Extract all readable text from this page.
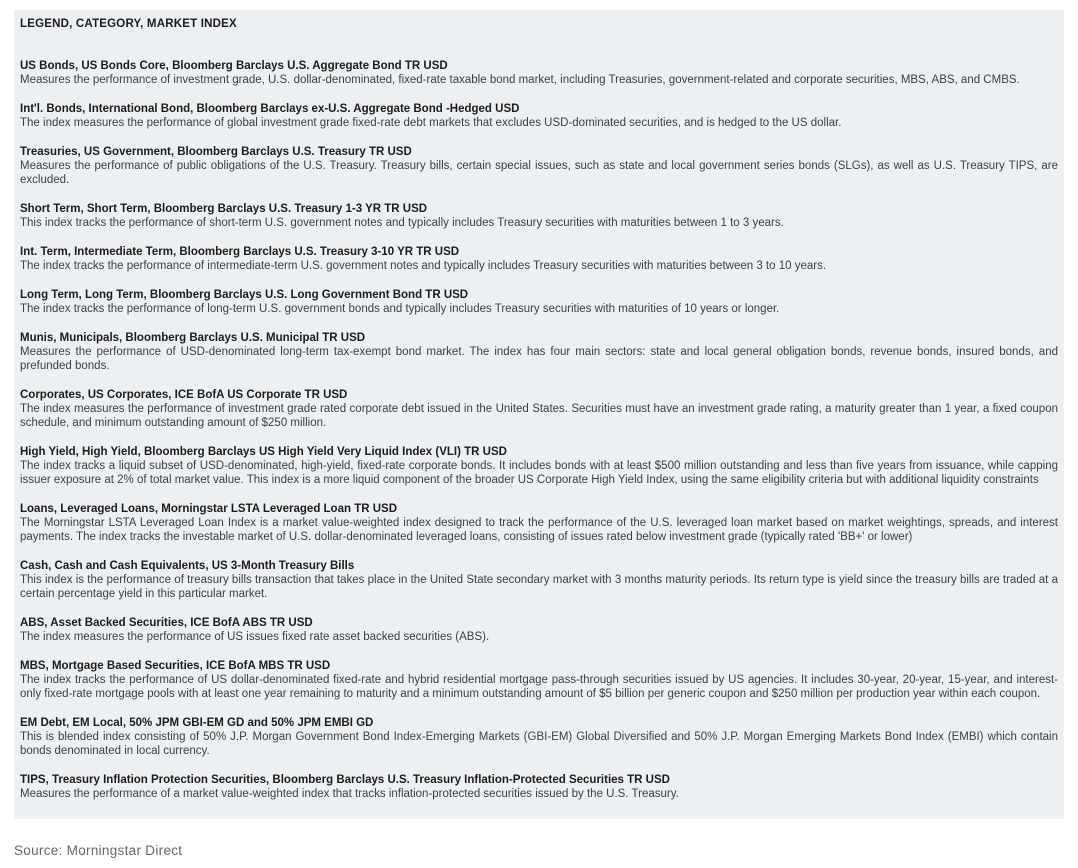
LEGEND, CATEGORY, MARKET INDEX
US Bonds, US Bonds Core, Bloomberg Barclays U.S. Aggregate Bond TR USD
Measures the performance of investment grade, U.S. dollar-denominated, fixed-rate taxable bond market, including Treasuries, government-related and corporate securities, MBS, ABS, and CMBS.
Int'l. Bonds, International Bond, Bloomberg Barclays ex-U.S. Aggregate Bond -Hedged USD
The index measures the performance of global investment grade fixed-rate debt markets that excludes USD-dominated securities, and is hedged to the US dollar.
Treasuries, US Government, Bloomberg Barclays U.S. Treasury TR USD
Measures the performance of public obligations of the U.S. Treasury. Treasury bills, certain special issues, such as state and local government series bonds (SLGs), as well as U.S. Treasury TIPS, are excluded.
Short Term, Short Term, Bloomberg Barclays U.S. Treasury 1-3 YR TR USD
This index tracks the performance of short-term U.S. government notes and typically includes Treasury securities with maturities between 1 to 3 years.
Int. Term, Intermediate Term, Bloomberg Barclays U.S. Treasury 3-10 YR TR USD
The index tracks the performance of intermediate-term U.S. government notes and typically includes Treasury securities with maturities between 3 to 10 years.
Long Term, Long Term, Bloomberg Barclays U.S. Long Government Bond TR USD
The index tracks the performance of long-term U.S. government bonds and typically includes Treasury securities with maturities of 10 years or longer.
Munis, Municipals, Bloomberg Barclays U.S. Municipal TR USD
Measures the performance of USD-denominated long-term tax-exempt bond market. The index has four main sectors: state and local general obligation bonds, revenue bonds, insured bonds, and prefunded bonds.
Corporates, US Corporates, ICE BofA US Corporate TR USD
The index measures the performance of investment grade rated corporate debt issued in the United States. Securities must have an investment grade rating, a maturity greater than 1 year, a fixed coupon schedule, and minimum outstanding amount of $250 million.
High Yield, High Yield, Bloomberg Barclays US High Yield Very Liquid Index (VLI) TR USD
The index tracks a liquid subset of USD-denominated, high-yield, fixed-rate corporate bonds. It includes bonds with at least $500 million outstanding and less than five years from issuance, while capping issuer exposure at 2% of total market value. This index is a more liquid component of the broader US Corporate High Yield Index, using the same eligibility criteria but with additional liquidity constraints
Loans, Leveraged Loans, Morningstar LSTA Leveraged Loan TR USD
The Morningstar LSTA Leveraged Loan Index is a market value-weighted index designed to track the performance of the U.S. leveraged loan market based on market weightings, spreads, and interest payments. The index tracks the investable market of U.S. dollar-denominated leveraged loans, consisting of issues rated below investment grade (typically rated 'BB+' or lower)
Cash, Cash and Cash Equivalents, US 3-Month Treasury Bills
This index is the performance of treasury bills transaction that takes place in the United State secondary market with 3 months maturity periods. Its return type is yield since the treasury bills are traded at a certain percentage yield in this particular market.
ABS, Asset Backed Securities, ICE BofA ABS TR USD
The index measures the performance of US issues fixed rate asset backed securities (ABS).
MBS, Mortgage Based Securities, ICE BofA MBS TR USD
The index tracks the performance of US dollar-denominated fixed-rate and hybrid residential mortgage pass-through securities issued by US agencies. It includes 30-year, 20-year, 15-year, and interest-only fixed-rate mortgage pools with at least one year remaining to maturity and a minimum outstanding amount of $5 billion per generic coupon and $250 million per production year within each coupon.
EM Debt, EM Local, 50% JPM GBI-EM GD and 50% JPM EMBI GD
This is blended index consisting of 50% J.P. Morgan Government Bond Index-Emerging Markets (GBI-EM) Global Diversified and 50% J.P. Morgan Emerging Markets Bond Index (EMBI) which contain bonds denominated in local currency.
TIPS, Treasury Inflation Protection Securities, Bloomberg Barclays U.S. Treasury Inflation-Protected Securities TR USD
Measures the performance of a market value-weighted index that tracks inflation-protected securities issued by the U.S. Treasury.
Source: Morningstar Direct
